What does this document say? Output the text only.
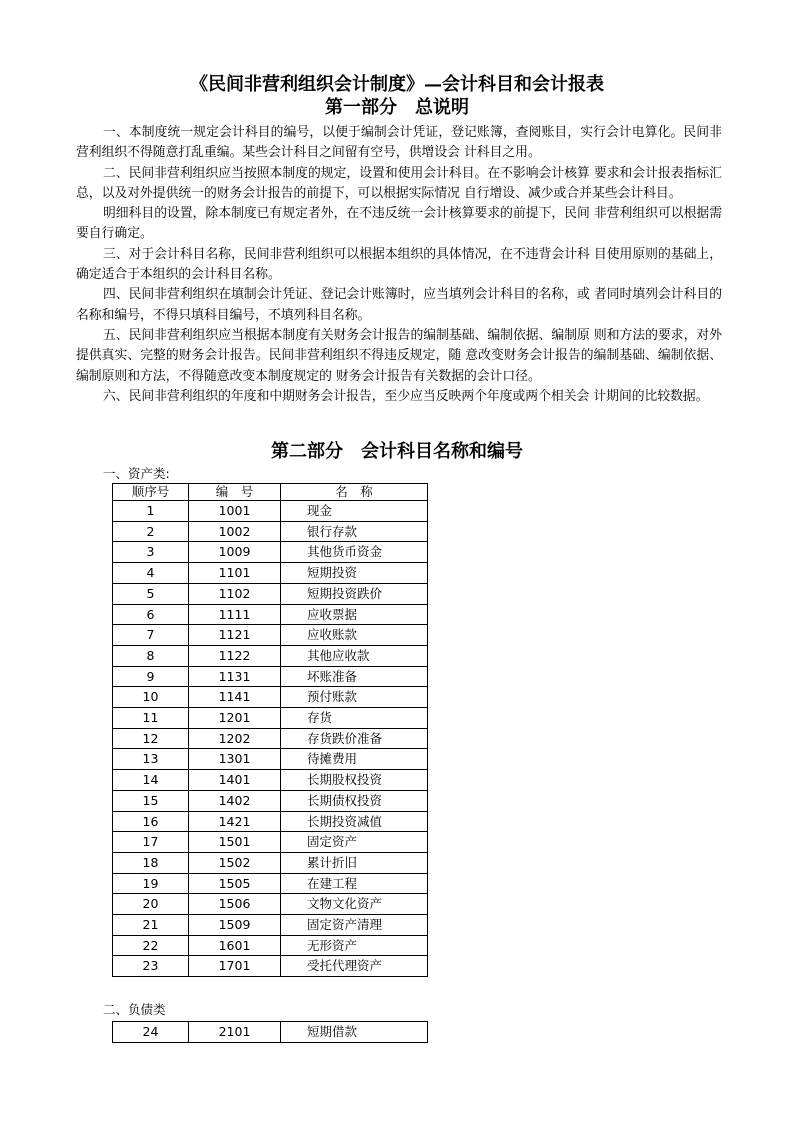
《民间非营利组织会计制度》—会计科目和会计报表
第一部分　总说明

一、本制度统一规定会计科目的编号，以便于编制会计凭证，登记账簿，查阅账目，实行会计电算化。民间非营利组织不得随意打乱重编。某些会计科目之间留有空号，供增设会 计科目之用。

二、民间非营利组织应当按照本制度的规定，设置和使用会计科目。在不影响会计核算 要求和会计报表指标汇总，以及对外提供统一的财务会计报告的前提下，可以根据实际情况 自行增设、减少或合并某些会计科目。

明细科目的设置，除本制度已有规定者外，在不违反统一会计核算要求的前提下，民间 非营利组织可以根据需要自行确定。

三、对于会计科目名称，民间非营利组织可以根据本组织的具体情况，在不违背会计科 目使用原则的基础上，确定适合于本组织的会计科目名称。

四、民间非营利组织在填制会计凭证、登记会计账簿时，应当填列会计科目的名称，或 者同时填列会计科目的名称和编号，不得只填科目编号，不填列科目名称。

五、民间非营利组织应当根据本制度有关财务会计报告的编制基础、编制依据、编制原 则和方法的要求，对外提供真实、完整的财务会计报告。民间非营利组织不得违反规定，随 意改变财务会计报告的编制基础、编制依据、编制原则和方法，不得随意改变本制度规定的 财务会计报告有关数据的会计口径。

六、民间非营利组织的年度和中期财务会计报告，至少应当反映两个年度或两个相关会 计期间的比较数据。

第二部分　会计科目名称和编号
一、资产类:
顺序号	编　号	名　称
1	1001	现金
2	1002	银行存款
3	1009	其他货币资金
4	1101	短期投资
5	1102	短期投资跌价
6	1111	应收票据
7	1121	应收账款
8	1122	其他应收款
9	1131	坏账准备
10	1141	预付账款
11	1201	存货
12	1202	存货跌价准备
13	1301	待摊费用
14	1401	长期股权投资
15	1402	长期债权投资
16	1421	长期投资减值
17	1501	固定资产
18	1502	累计折旧
19	1505	在建工程
20	1506	文物文化资产
21	1509	固定资产清理
22	1601	无形资产
23	1701	受托代理资产
二、负债类
24	2101	短期借款
